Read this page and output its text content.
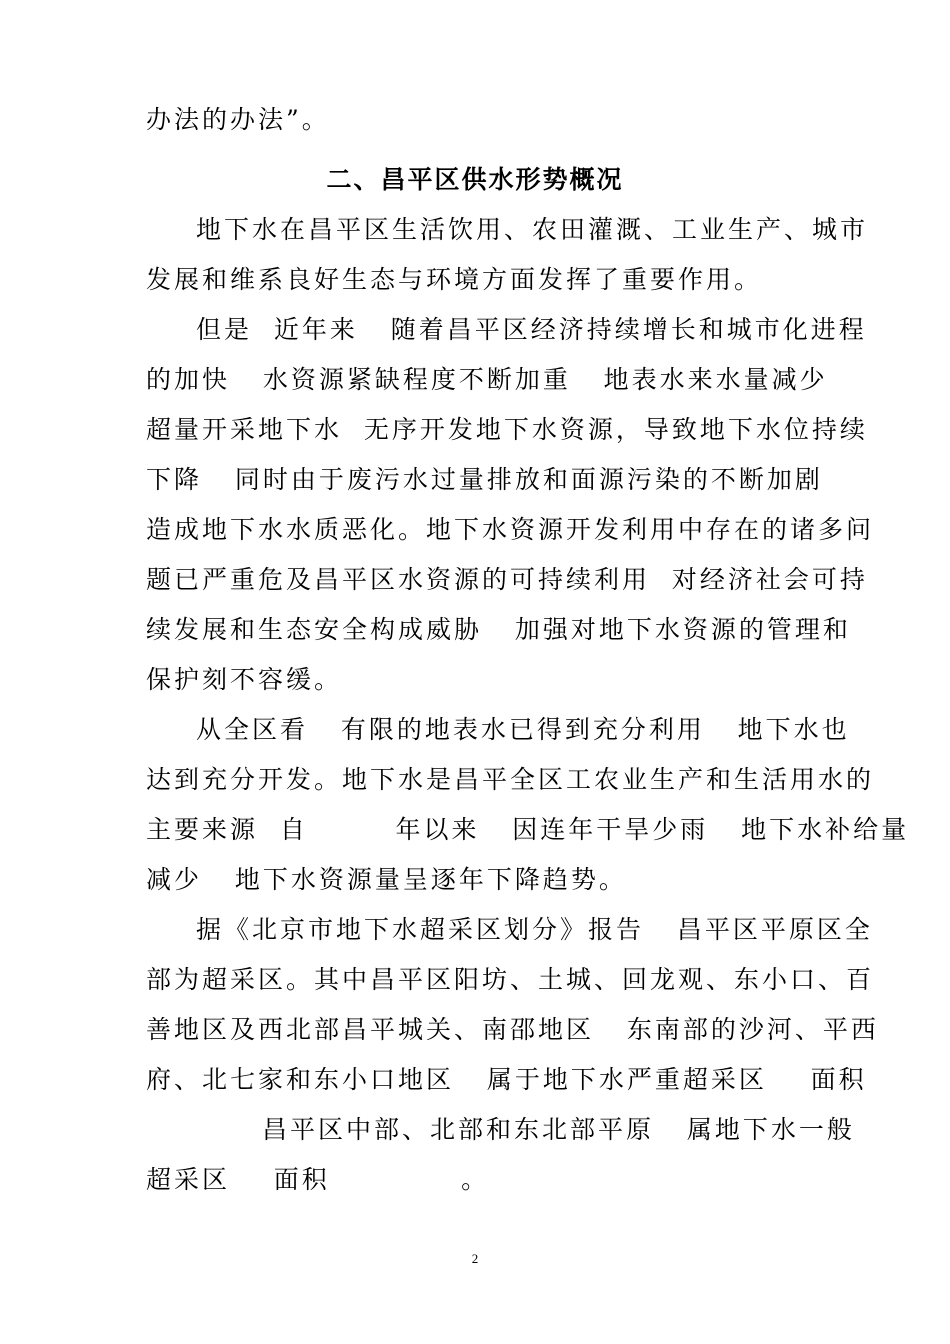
办法的办法”。
二、昌平区供水形势概况
地下水在昌平区生活饮用、农田灌溉、工业生产、城市
发展和维系良好生态与环境方面发挥了重要作用。
但是  近年来   随着昌平区经济持续增长和城市化进程
的加快   水资源紧缺程度不断加重   地表水来水量减少
超量开采地下水  无序开发地下水资源，导致地下水位持续
下降   同时由于废污水过量排放和面源污染的不断加剧
造成地下水水质恶化。地下水资源开发利用中存在的诸多问
题已严重危及昌平区水资源的可持续利用  对经济社会可持
续发展和生态安全构成威胁   加强对地下水资源的管理和
保护刻不容缓。
从全区看   有限的地表水已得到充分利用   地下水也
达到充分开发。地下水是昌平全区工农业生产和生活用水的
主要来源  自        年以来   因连年干旱少雨   地下水补给量
减少   地下水资源量呈逐年下降趋势。
据《北京市地下水超采区划分》报告   昌平区平原区全
部为超采区。其中昌平区阳坊、土城、回龙观、东小口、百
善地区及西北部昌平城关、南邵地区   东南部的沙河、平西
府、北七家和东小口地区   属于地下水严重超采区    面积
昌平区中部、北部和东北部平原   属地下水一般
超采区    面积            。
2
